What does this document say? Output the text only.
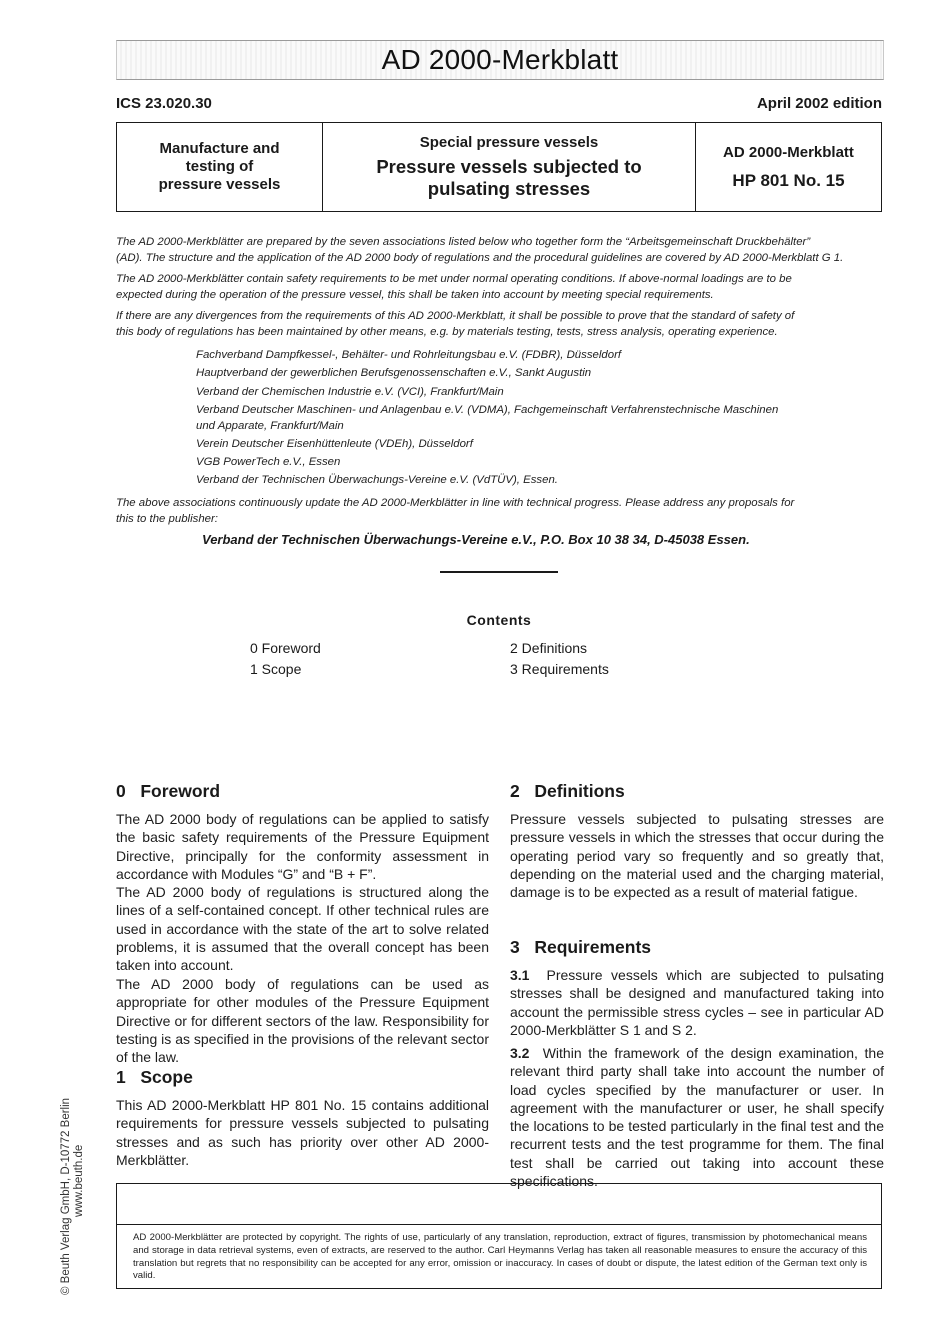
AD 2000-Merkblatt
ICS 23.020.30	April 2002 edition
Manufacture and
testing of
pressure vessels
Special pressure vessels
Pressure vessels subjected to
pulsating stresses
AD 2000-Merkblatt
HP 801 No. 15
The AD 2000-Merkblätter are prepared by the seven associations listed below who together form the “Arbeitsgemeinschaft Druckbehälter”
(AD). The structure and the application of the AD 2000 body of regulations and the procedural guidelines are covered by AD 2000-Merkblatt G 1.
The AD 2000-Merkblätter contain safety requirements to be met under normal operating conditions. If above-normal loadings are to be
expected during the operation of the pressure vessel, this shall be taken into account by meeting special requirements.
If there are any divergences from the requirements of this AD 2000-Merkblatt, it shall be possible to prove that the standard of safety of
this body of regulations has been maintained by other means, e.g. by materials testing, tests, stress analysis, operating experience.
Fachverband Dampfkessel-, Behälter- und Rohrleitungsbau e.V. (FDBR), Düsseldorf
Hauptverband der gewerblichen Berufsgenossenschaften e.V., Sankt Augustin
Verband der Chemischen Industrie e.V. (VCI), Frankfurt/Main
Verband Deutscher Maschinen- und Anlagenbau e.V. (VDMA), Fachgemeinschaft Verfahrenstechnische Maschinen
und Apparate, Frankfurt/Main
Verein Deutscher Eisenhüttenleute (VDEh), Düsseldorf
VGB PowerTech e.V., Essen
Verband der Technischen Überwachungs-Vereine e.V. (VdTÜV), Essen.
The above associations continuously update the AD 2000-Merkblätter in line with technical progress. Please address any proposals for
this to the publisher:
Verband der Technischen Überwachungs-Vereine e.V., P.O. Box 10 38 34, D-45038 Essen.
Contents
0 Foreword
1 Scope
2 Definitions
3 Requirements
0   Foreword
The AD 2000 body of regulations can be applied to satisfy the basic safety requirements of the Pressure Equipment Directive, principally for the conformity assessment in accordance with Modules “G” and “B + F”.
The AD 2000 body of regulations is structured along the lines of a self-contained concept. If other technical rules are used in accordance with the state of the art to solve related problems, it is assumed that the overall concept has been taken into account.
The AD 2000 body of regulations can be used as appropriate for other modules of the Pressure Equipment Directive or for different sectors of the law. Responsibility for testing is as specified in the provisions of the relevant sector of the law.
1   Scope
This AD 2000-Merkblatt HP 801 No. 15 contains additional requirements for pressure vessels subjected to pulsating stresses and as such has priority over other AD 2000-Merkblätter.
2   Definitions
Pressure vessels subjected to pulsating stresses are pressure vessels in which the stresses that occur during the operating period vary so frequently and so greatly that, depending on the material used and the charging material, damage is to be expected as a result of material fatigue.
3   Requirements
3.1 Pressure vessels which are subjected to pulsating stresses shall be designed and manufactured taking into account the permissible stress cycles – see in particular AD 2000-Merkblätter S 1 and S 2.
3.2 Within the framework of the design examination, the relevant third party shall take into account the number of load cycles specified by the manufacturer or user. In agreement with the manufacturer or user, he shall specify the locations to be tested particularly in the final test and the recurrent tests and the test programme for them. The final test shall be carried out taking into account these specifications.
© Beuth Verlag GmbH, D-10772 Berlin www.beuth.de
AD 2000-Merkblätter are protected by copyright. The rights of use, particularly of any translation, reproduction, extract of figures, transmission by photomechanical means and storage in data retrieval systems, even of extracts, are reserved to the author. Carl Heymanns Verlag has taken all reasonable measures to ensure the accuracy of this translation but regrets that no responsibility can be accepted for any error, omission or inaccuracy. In cases of doubt or dispute, the latest edition of the German text only is valid.
